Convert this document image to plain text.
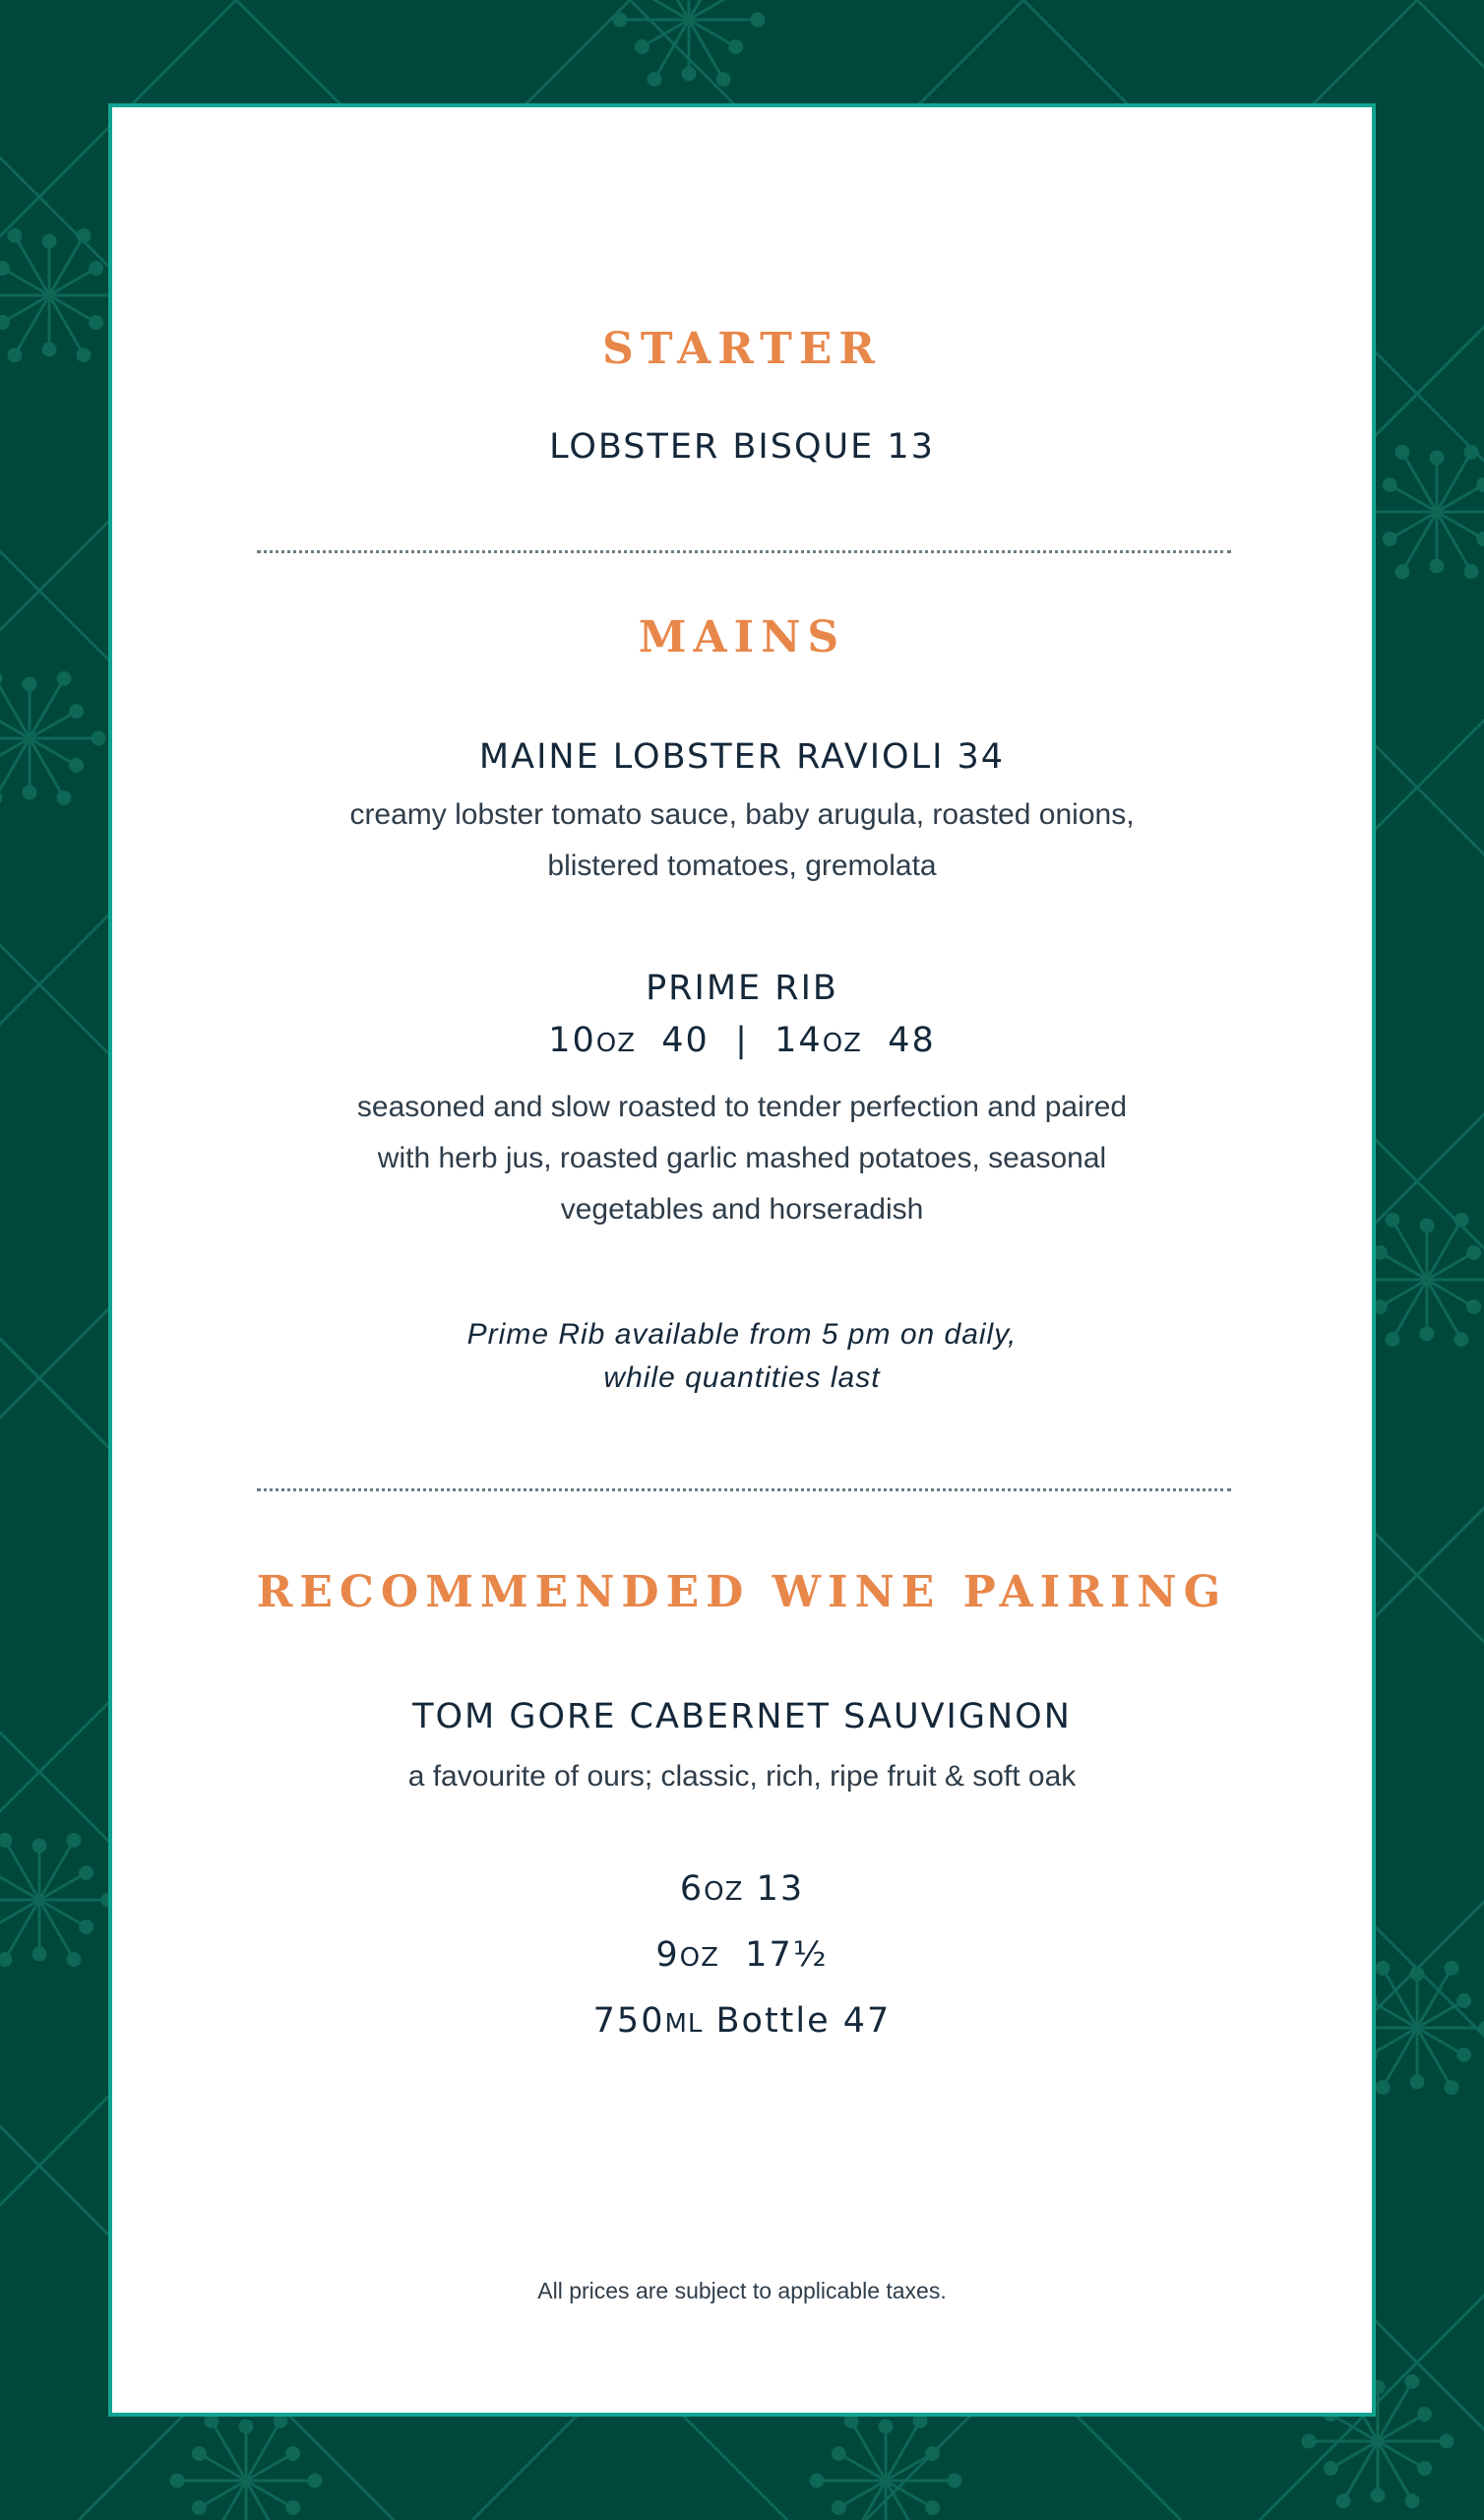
STARTER
LOBSTER BISQUE 13
MAINS
MAINE LOBSTER RAVIOLI 34
creamy lobster tomato sauce, baby arugula, roasted onions,
blistered tomatoes, gremolata
PRIME RIB
10OZ 40 | 14OZ 48
seasoned and slow roasted to tender perfection and paired
with herb jus, roasted garlic mashed potatoes, seasonal
vegetables and horseradish
Prime Rib available from 5 pm on daily,
while quantities last
RECOMMENDED WINE PAIRING
TOM GORE CABERNET SAUVIGNON
a favourite of ours; classic, rich, ripe fruit & soft oak
6OZ 13
9OZ 17½
750ML Bottle 47
All prices are subject to applicable taxes.
